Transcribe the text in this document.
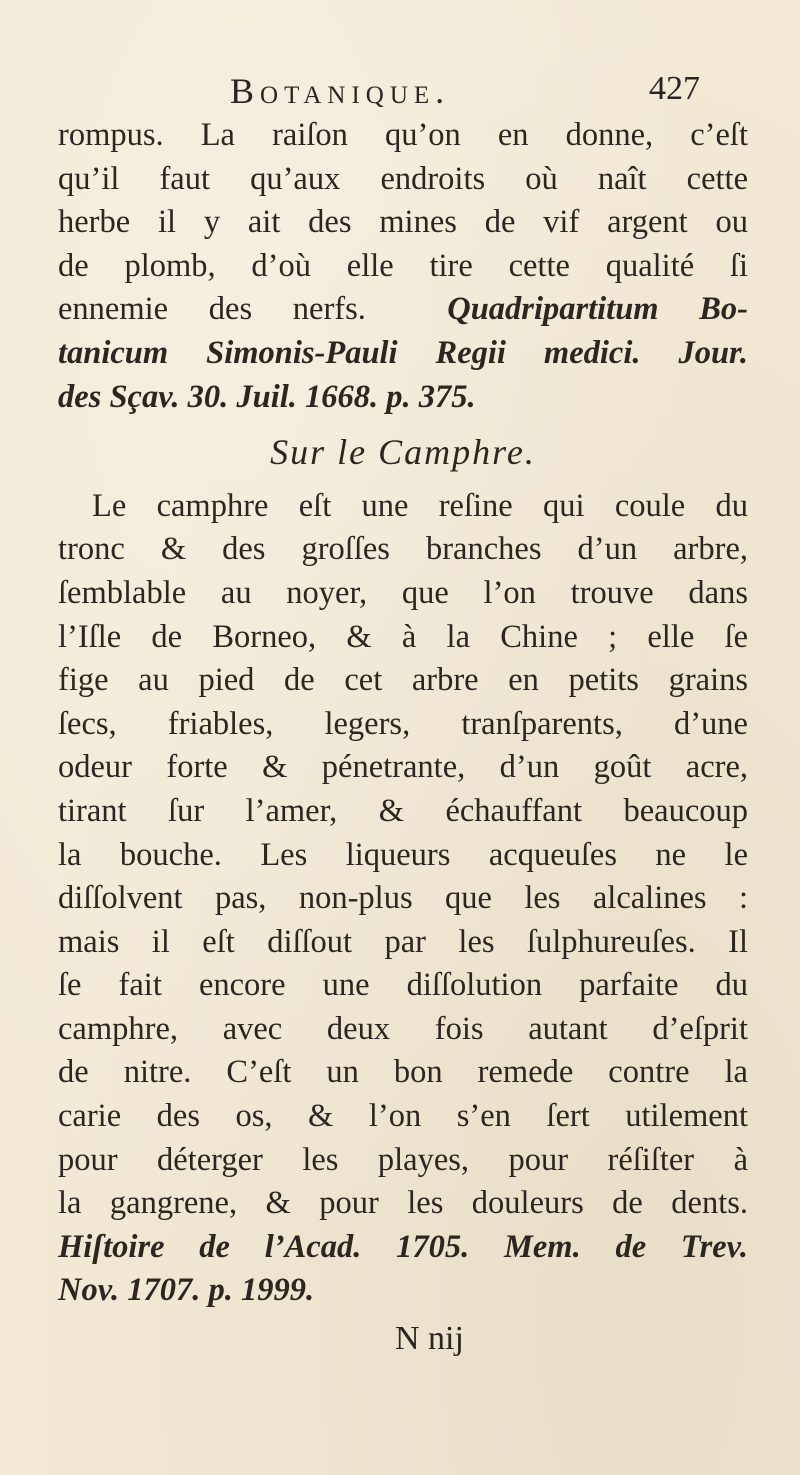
Botanique.	427
rompus. La raiſon qu’on en donne, c’eſt
qu’il faut qu’aux endroits où naît cette
herbe il y ait des mines de vif argent ou
de plomb, d’où elle tire cette qualité ſi
ennemie des nerfs.	Quadripartitum Bo-
tanicum Simonis-Pauli Regii medici. Jour.
des Sçav. 30. Juil. 1668. p. 375.
Sur le Camphre.
Le camphre eſt une reſine qui coule du
tronc & des groſſes branches d’un arbre,
ſemblable au noyer, que l’on trouve dans
l’Iſle de Borneo, & à la Chine ; elle ſe
fige au pied de cet arbre en petits grains
ſecs, friables, legers, tranſparents, d’une
odeur forte & pénetrante, d’un goût acre,
tirant ſur l’amer, & échauffant beaucoup
la bouche. Les liqueurs acqueuſes ne le
diſſolvent pas, non-plus que les alcalines :
mais il eſt diſſout par les ſulphureuſes. Il
ſe fait encore une diſſolution parfaite du
camphre, avec deux fois autant d’eſprit
de nitre. C’eſt un bon remede contre la
carie des os, & l’on s’en ſert utilement
pour déterger les playes, pour réſiſter à
la gangrene, & pour les douleurs de dents.
Hiſtoire de l’Acad. 1705. Mem. de Trev.
Nov. 1707. p. 1999.
N nij
